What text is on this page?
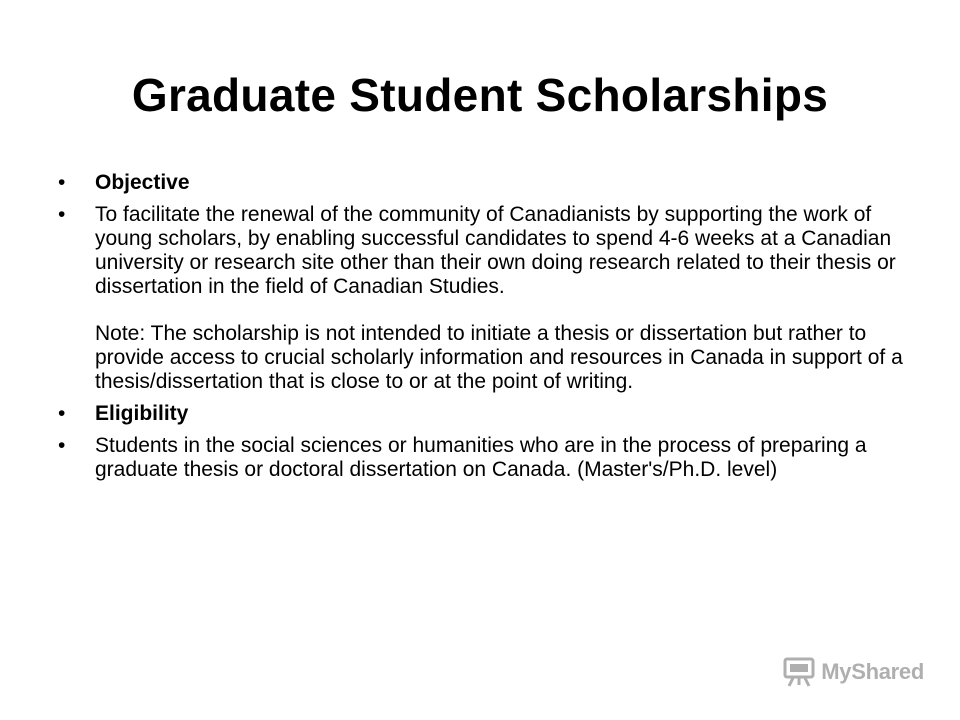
Graduate Student Scholarships
•	Objective
•	To facilitate the renewal of the community of Canadianists by supporting the work of young scholars, by enabling successful candidates to spend 4-6 weeks at a Canadian university or research site other than their own doing research related to their thesis or dissertation in the field of Canadian Studies.
Note: The scholarship is not intended to initiate a thesis or dissertation but rather to provide access to crucial scholarly information and resources in Canada in support of a thesis/dissertation that is close to or at the point of writing.
•	Eligibility
•	Students in the social sciences or humanities who are in the process of preparing a graduate thesis or doctoral dissertation on Canada. (Master's/Ph.D. level)
MyShared
